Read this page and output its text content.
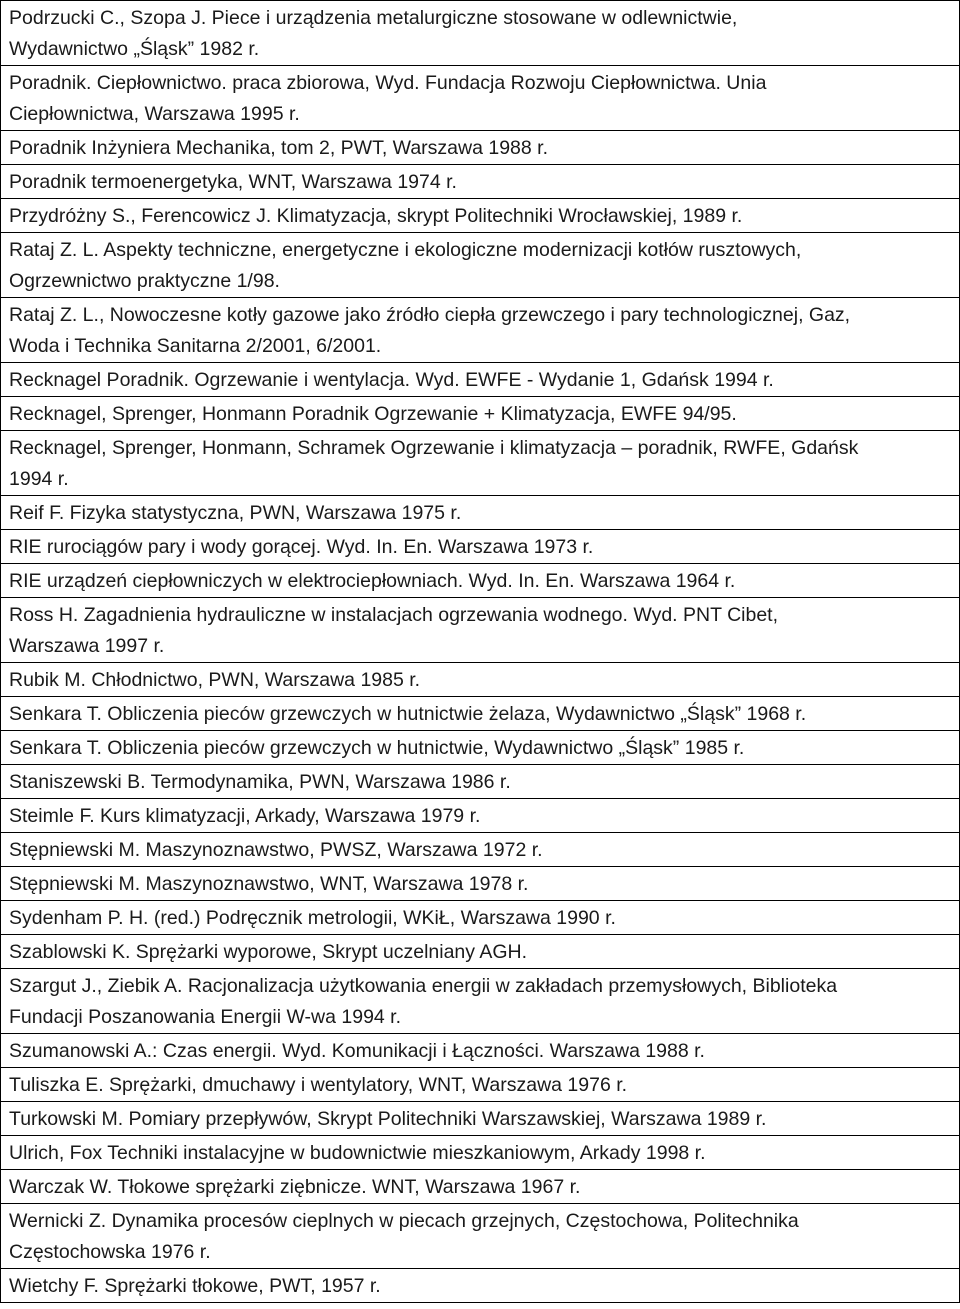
Podrzucki C., Szopa J. Piece i urządzenia metalurgiczne stosowane w odlewnictwie,
Wydawnictwo „Śląsk” 1982 r.
Poradnik. Ciepłownictwo. praca zbiorowa, Wyd. Fundacja Rozwoju Ciepłownictwa. Unia
Ciepłownictwa, Warszawa 1995 r.
Poradnik Inżyniera Mechanika, tom 2, PWT, Warszawa 1988 r.
Poradnik termoenergetyka, WNT, Warszawa 1974 r.
Przydróżny S., Ferencowicz J. Klimatyzacja, skrypt Politechniki Wrocławskiej, 1989 r.
Rataj Z. L. Aspekty techniczne, energetyczne i ekologiczne modernizacji kotłów rusztowych,
Ogrzewnictwo praktyczne 1/98.
Rataj Z. L., Nowoczesne kotły gazowe jako źródło ciepła grzewczego i pary technologicznej, Gaz,
Woda i Technika Sanitarna 2/2001, 6/2001.
Recknagel Poradnik. Ogrzewanie i wentylacja. Wyd. EWFE - Wydanie 1, Gdańsk 1994 r.
Recknagel, Sprenger, Honmann Poradnik Ogrzewanie + Klimatyzacja, EWFE 94/95.
Recknagel, Sprenger, Honmann, Schramek Ogrzewanie i klimatyzacja – poradnik, RWFE, Gdańsk
1994 r.
Reif F. Fizyka statystyczna, PWN, Warszawa 1975 r.
RIE rurociągów pary i wody gorącej. Wyd. In. En. Warszawa 1973 r.
RIE urządzeń ciepłowniczych w elektrociepłowniach. Wyd. In. En. Warszawa 1964 r.
Ross H. Zagadnienia hydrauliczne w instalacjach ogrzewania wodnego. Wyd. PNT Cibet,
Warszawa 1997 r.
Rubik M. Chłodnictwo, PWN, Warszawa 1985 r.
Senkara T. Obliczenia pieców grzewczych w hutnictwie żelaza, Wydawnictwo „Śląsk” 1968 r.
Senkara T. Obliczenia pieców grzewczych w hutnictwie, Wydawnictwo „Śląsk” 1985 r.
Staniszewski B. Termodynamika, PWN, Warszawa 1986 r.
Steimle F. Kurs klimatyzacji, Arkady, Warszawa 1979 r.
Stępniewski M. Maszynoznawstwo, PWSZ, Warszawa 1972 r.
Stępniewski M. Maszynoznawstwo, WNT, Warszawa 1978 r.
Sydenham P. H. (red.) Podręcznik metrologii, WKiŁ, Warszawa 1990 r.
Szablowski K. Sprężarki wyporowe, Skrypt uczelniany AGH.
Szargut J., Ziebik A. Racjonalizacja użytkowania energii w zakładach przemysłowych, Biblioteka
Fundacji Poszanowania Energii W-wa 1994 r.
Szumanowski A.: Czas energii. Wyd. Komunikacji i Łączności. Warszawa 1988 r.
Tuliszka E. Sprężarki, dmuchawy i wentylatory, WNT, Warszawa 1976 r.
Turkowski M. Pomiary przepływów, Skrypt Politechniki Warszawskiej, Warszawa 1989 r.
Ulrich, Fox Techniki instalacyjne w budownictwie mieszkaniowym, Arkady 1998 r.
Warczak W. Tłokowe sprężarki ziębnicze. WNT, Warszawa 1967 r.
Wernicki Z. Dynamika procesów cieplnych w piecach grzejnych, Częstochowa, Politechnika
Częstochowska 1976 r.
Wietchy F. Sprężarki tłokowe, PWT, 1957 r.
